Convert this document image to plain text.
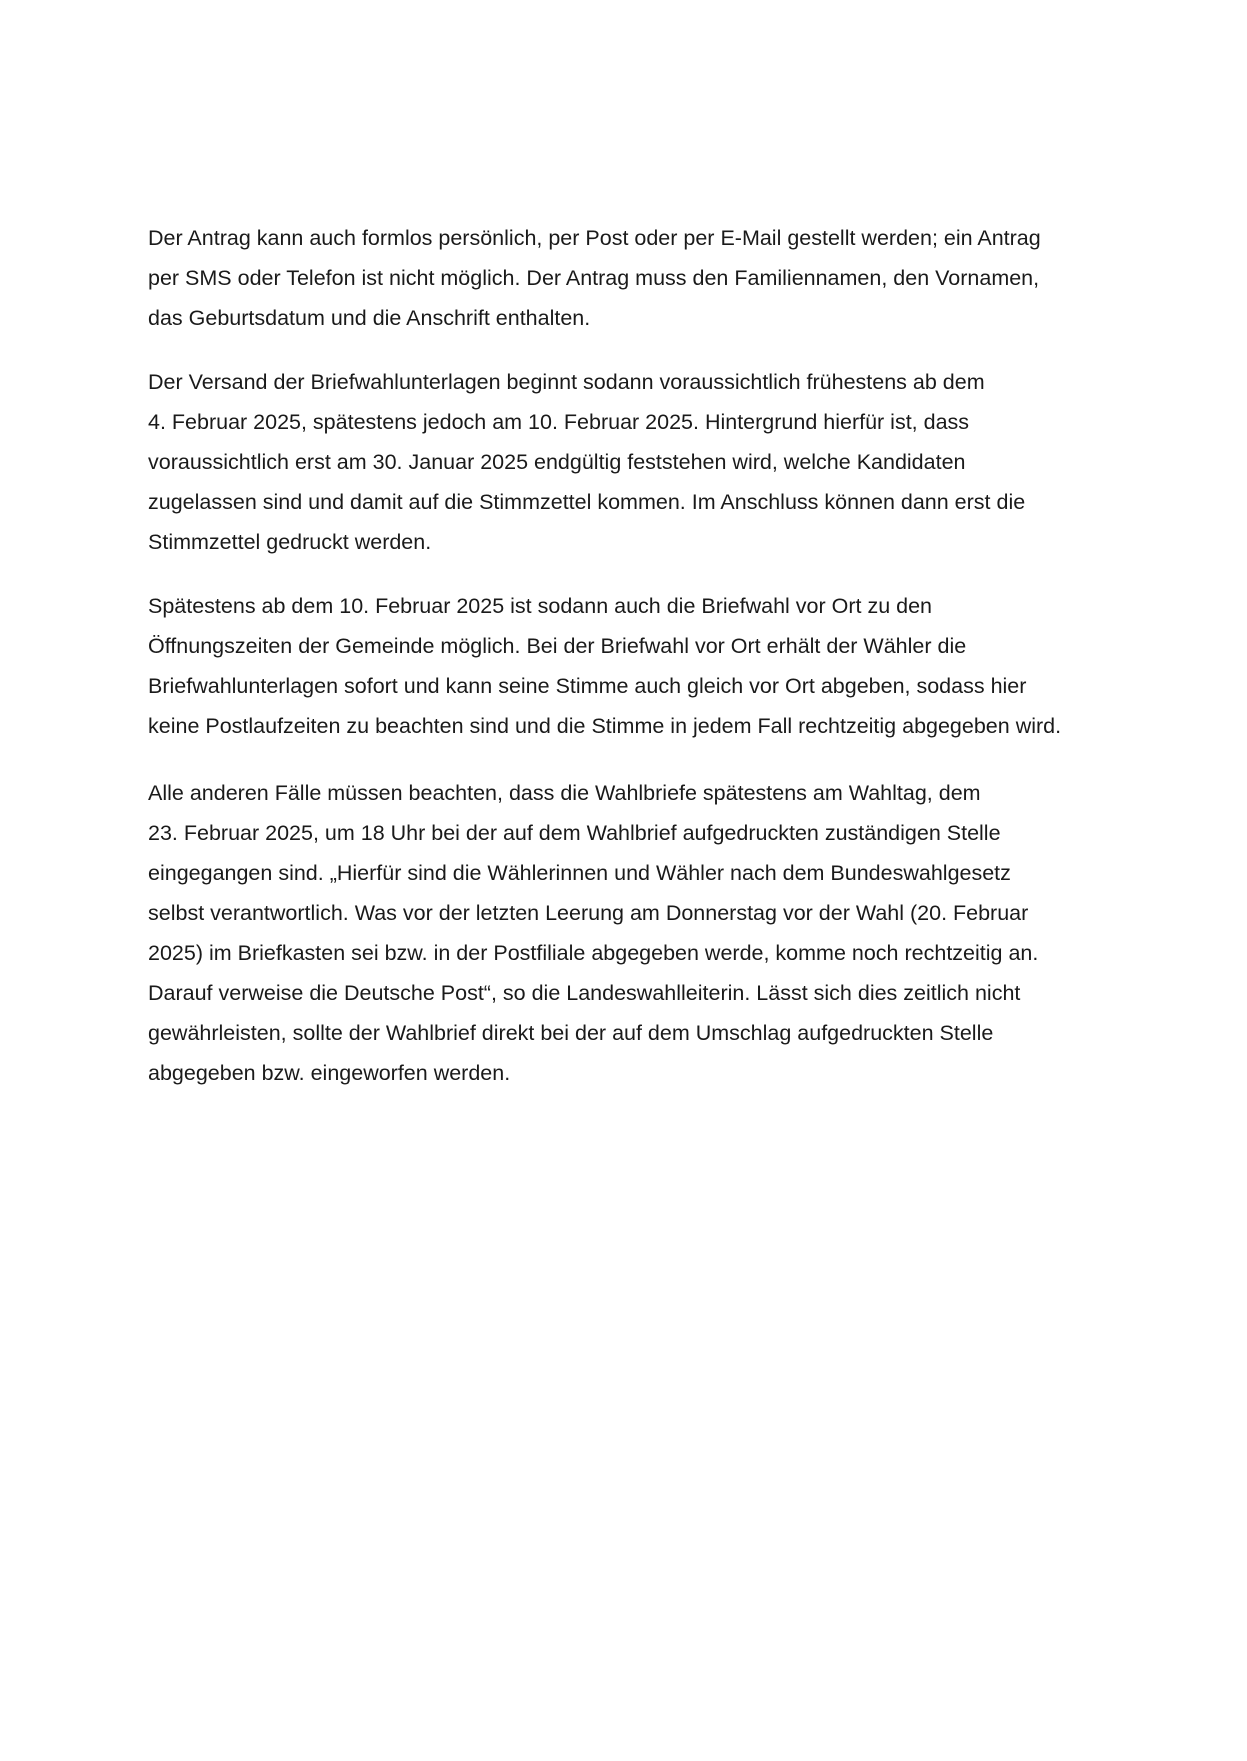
Der Antrag kann auch formlos persönlich, per Post oder per E-Mail gestellt werden; ein Antrag
per SMS oder Telefon ist nicht möglich. Der Antrag muss den Familiennamen, den Vornamen,
das Geburtsdatum und die Anschrift enthalten.

Der Versand der Briefwahlunterlagen beginnt sodann voraussichtlich frühestens ab dem
4. Februar 2025, spätestens jedoch am 10. Februar 2025. Hintergrund hierfür ist, dass
voraussichtlich erst am 30. Januar 2025 endgültig feststehen wird, welche Kandidaten
zugelassen sind und damit auf die Stimmzettel kommen. Im Anschluss können dann erst die
Stimmzettel gedruckt werden.

Spätestens ab dem 10. Februar 2025 ist sodann auch die Briefwahl vor Ort zu den
Öffnungszeiten der Gemeinde möglich. Bei der Briefwahl vor Ort erhält der Wähler die
Briefwahlunterlagen sofort und kann seine Stimme auch gleich vor Ort abgeben, sodass hier
keine Postlaufzeiten zu beachten sind und die Stimme in jedem Fall rechtzeitig abgegeben wird.

Alle anderen Fälle müssen beachten, dass die Wahlbriefe spätestens am Wahltag, dem
23. Februar 2025, um 18 Uhr bei der auf dem Wahlbrief aufgedruckten zuständigen Stelle
eingegangen sind. „Hierfür sind die Wählerinnen und Wähler nach dem Bundeswahlgesetz
selbst verantwortlich. Was vor der letzten Leerung am Donnerstag vor der Wahl (20. Februar
2025) im Briefkasten sei bzw. in der Postfiliale abgegeben werde, komme noch rechtzeitig an.
Darauf verweise die Deutsche Post“, so die Landeswahlleiterin. Lässt sich dies zeitlich nicht
gewährleisten, sollte der Wahlbrief direkt bei der auf dem Umschlag aufgedruckten Stelle
abgegeben bzw. eingeworfen werden.
